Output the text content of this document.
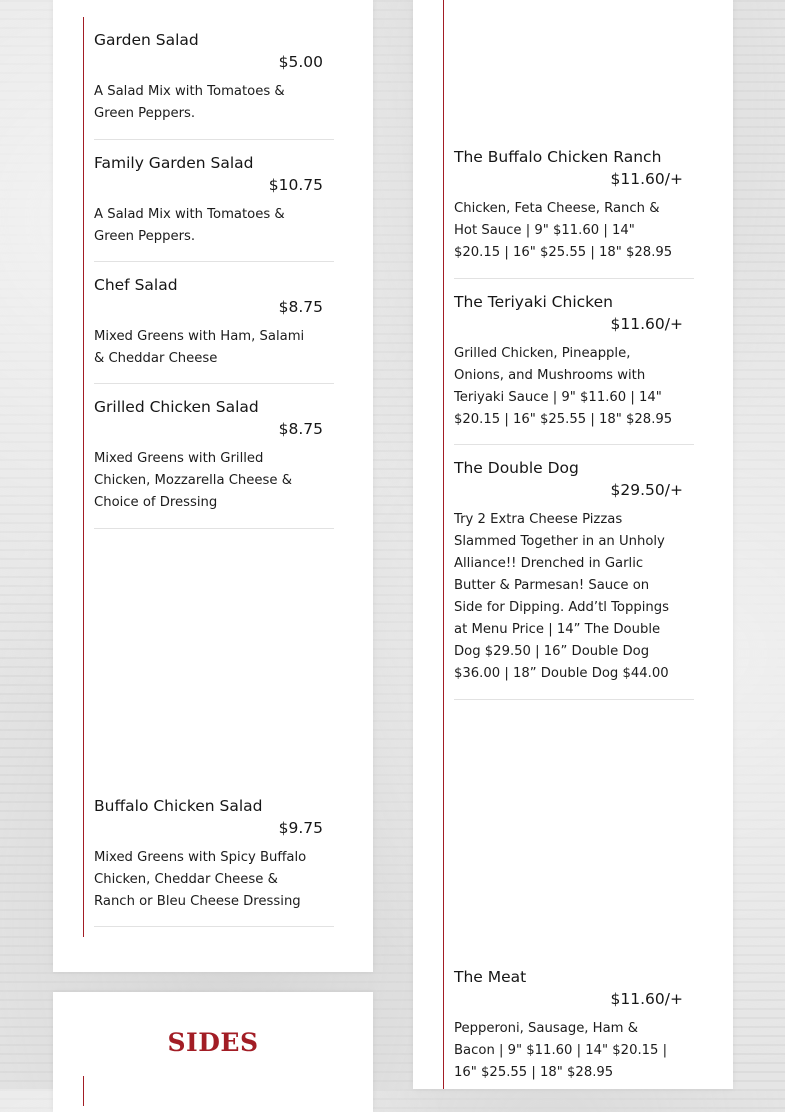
Garden Salad
$5.00
A Salad Mix with Tomatoes & Green Peppers.
Family Garden Salad
$10.75
A Salad Mix with Tomatoes & Green Peppers.
Chef Salad
$8.75
Mixed Greens with Ham, Salami & Cheddar Cheese
Grilled Chicken Salad
$8.75
Mixed Greens with Grilled Chicken, Mozzarella Cheese & Choice of Dressing
Buffalo Chicken Salad
$9.75
Mixed Greens with Spicy Buffalo Chicken, Cheddar Cheese & Ranch or Bleu Cheese Dressing
The Buffalo Chicken Ranch
$11.60/+
Chicken, Feta Cheese, Ranch & Hot Sauce | 9" $11.60 | 14" $20.15 | 16" $25.55 | 18" $28.95
The Teriyaki Chicken
$11.60/+
Grilled Chicken, Pineapple, Onions, and Mushrooms with Teriyaki Sauce | 9" $11.60 | 14" $20.15 | 16" $25.55 | 18" $28.95
The Double Dog
$29.50/+
Try 2 Extra Cheese Pizzas Slammed Together in an Unholy Alliance!! Drenched in Garlic Butter & Parmesan! Sauce on Side for Dipping. Add’tl Toppings at Menu Price | 14” The Double Dog $29.50 | 16” Double Dog $36.00 | 18” Double Dog $44.00
The Meat
$11.60/+
Pepperoni, Sausage, Ham & Bacon | 9" $11.60 | 14" $20.15 | 16" $25.55 | 18" $28.95
SIDES
